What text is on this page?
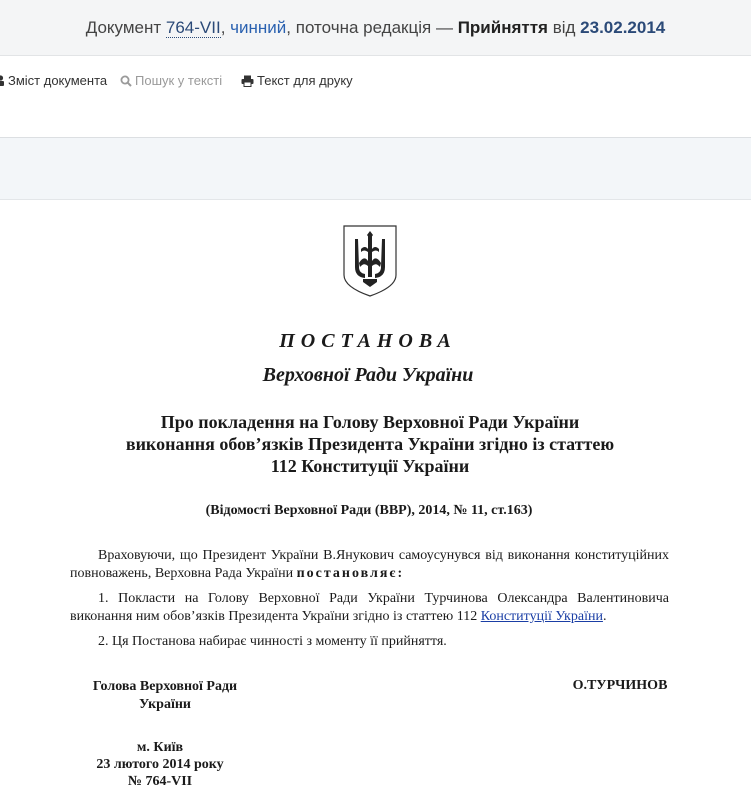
Документ 764-VII, чинний, поточна редакція — Прийняття від 23.02.2014
Зміст документа Пошук у тексті	Текст для друку
ПОСТАНОВА
Верховної Ради України
Про покладення на Голову Верховної Ради України
виконання обов’язків Президента України згідно із статтею
112 Конституції України
(Відомості Верховної Ради (ВВР), 2014, № 11, ст.163)
Враховуючи, що Президент України В.Янукович самоусунувся від виконання конституційних повноважень, Верховна Рада України постановляє:
1. Покласти на Голову Верховної Ради України Турчинова Олександра Валентиновича виконання ним обов’язків Президента України згідно із статтею 112 Конституції України.
2. Ця Постанова набирає чинності з моменту її прийняття.
Голова Верховної Ради
України
О.ТУРЧИНОВ
м. Київ
23 лютого 2014 року
№ 764-VII
